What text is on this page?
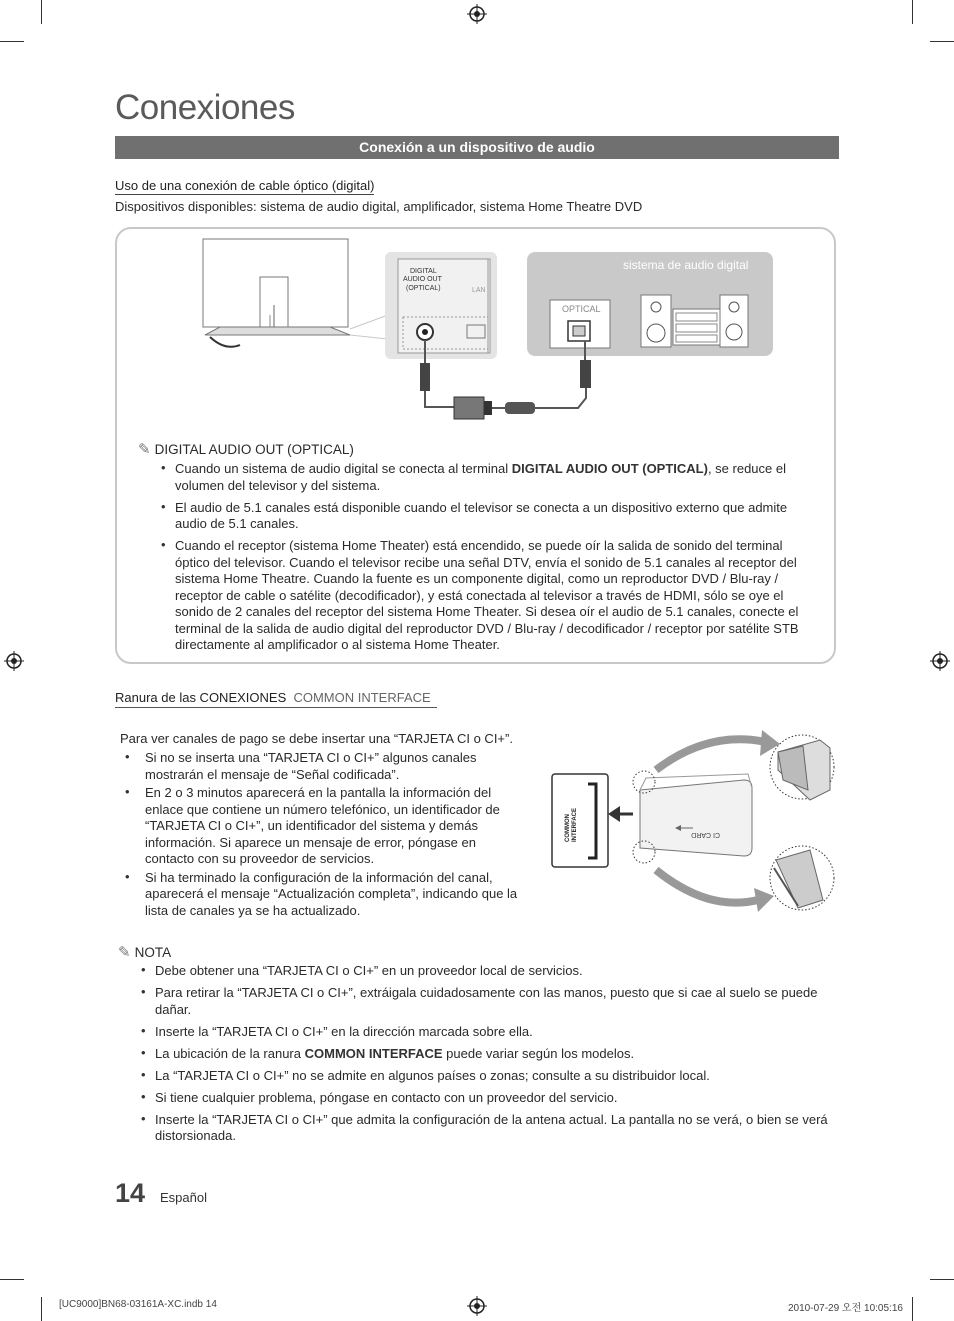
Conexiones
Conexión a un dispositivo de audio
Uso de una conexión de cable óptico (digital)
Dispositivos disponibles: sistema de audio digital, amplificador, sistema Home Theatre DVD
DIGITAL
AUDIO OUT
(OPTICAL)	LAN
sistema de audio digital
OPTICAL
✎ DIGITAL AUDIO OUT (OPTICAL)
• Cuando un sistema de audio digital se conecta al terminal DIGITAL AUDIO OUT (OPTICAL), se reduce el volumen del televisor y del sistema.
• El audio de 5.1 canales está disponible cuando el televisor se conecta a un dispositivo externo que admite audio de 5.1 canales.
• Cuando el receptor (sistema Home Theater) está encendido, se puede oír la salida de sonido del terminal óptico del televisor. Cuando el televisor recibe una señal DTV, envía el sonido de 5.1 canales al receptor del sistema Home Theatre. Cuando la fuente es un componente digital, como un reproductor DVD / Blu-ray / receptor de cable o satélite (decodificador), y está conectada al televisor a través de HDMI, sólo se oye el sonido de 2 canales del receptor del sistema Home Theater. Si desea oír el audio de 5.1 canales, conecte el terminal de la salida de audio digital del reproductor DVD / Blu-ray / decodificador / receptor por satélite STB directamente al amplificador o al sistema Home Theater.
Ranura de las CONEXIONES COMMON INTERFACE
Para ver canales de pago se debe insertar una “TARJETA CI o CI+”.
• Si no se inserta una “TARJETA CI o CI+” algunos canales mostrarán el mensaje de “Señal codificada”.
• En 2 o 3 minutos aparecerá en la pantalla la información del enlace que contiene un número telefónico, un identificador de “TARJETA CI o CI+”, un identificador del sistema y demás información. Si aparece un mensaje de error, póngase en contacto con su proveedor de servicios.
• Si ha terminado la configuración de la información del canal, aparecerá el mensaje “Actualización completa”, indicando que la lista de canales ya se ha actualizado.
COMMON INTERFACE	CI CARD
✎ NOTA
• Debe obtener una “TARJETA CI o CI+” en un proveedor local de servicios.
• Para retirar la “TARJETA CI o CI+”, extráigala cuidadosamente con las manos, puesto que si cae al suelo se puede dañar.
• Inserte la “TARJETA CI o CI+” en la dirección marcada sobre ella.
• La ubicación de la ranura COMMON INTERFACE puede variar según los modelos.
• La “TARJETA CI o CI+” no se admite en algunos países o zonas; consulte a su distribuidor local.
• Si tiene cualquier problema, póngase en contacto con un proveedor del servicio.
• Inserte la “TARJETA CI o CI+” que admita la configuración de la antena actual. La pantalla no se verá, o bien se verá distorsionada.
14 Español
[UC9000]BN68-03161A-XC.indb 14	2010-07-29 오전 10:05:16
